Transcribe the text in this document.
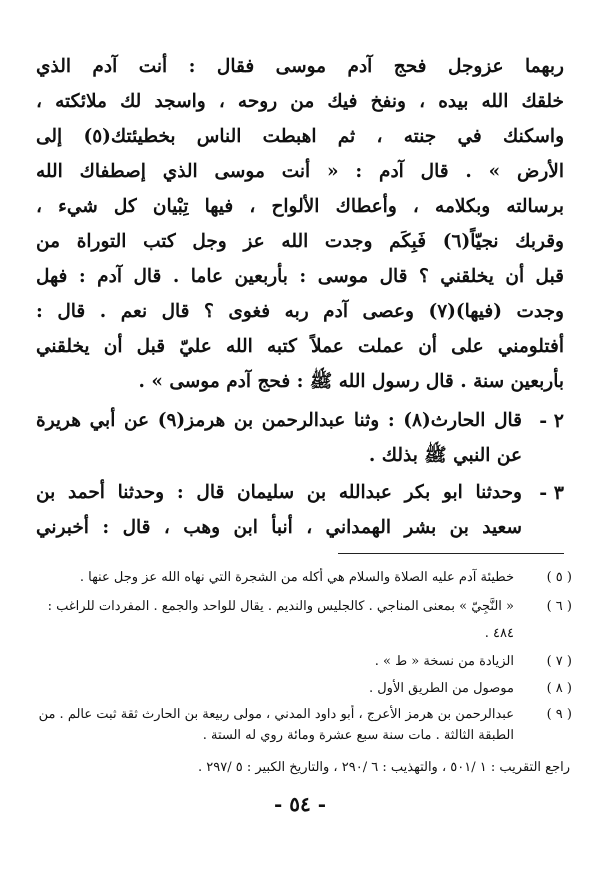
ربهما عزوجل فحج آدم موسى فقال : أنت آدم الذي
خلقك الله بيده ، ونفخ فيك من روحه ، واسجد لك ملائكته ،
واسكنك في جنته ، ثم اهبطت الناس بخطيئتك(٥) إلى
الأرض » . قال آدم : « أنت موسى الذي إصطفاك الله
برسالته وبكلامه ، وأعطاك الألواح ، فيها تِبْيان كل شيء ،
وقربك نجيّاً(٦) فَبِكَم وجدت الله عز وجل كتب التوراة من
قبل أن يخلقني ؟ قال موسى : بأربعين عاما . قال آدم : فهل
وجدت (فيها)(٧) وعصى آدم ربه فغوى ؟ قال نعم . قال :
أفتلومني على أن عملت عملاً كتبه الله عليّ قبل أن يخلقني
بأربعين سنة . قال رسول الله ﷺ : فحج آدم موسى » .
٢ -
قال الحارث(٨) : وثنا عبدالرحمن بن هرمز(٩) عن أبي هريرة
عن النبي ﷺ بذلك .
٣ -
وحدثنا ابو بكر عبدالله بن سليمان قال : وحدثنا أحمد بن
سعيد بن بشر الهمداني ، أنبأ ابن وهب ، قال : أخبرني
( ٥ )
خطيئة آدم عليه الصلاة والسلام هي أكله من الشجرة التي نهاه الله عز وجل عنها .
( ٦ )
« النَّجِيّ » بمعنى المناجي . كالجليس والنديم . يقال للواحد والجمع . المفردات للراغب :
٤٨٤ .
( ٧ )
الزيادة من نسخة « ط » .
( ٨ )
موصول من الطريق الأول .
( ٩ )
عبدالرحمن بن هرمز الأعرج ، أبو داود المدني ، مولى ربيعة بن الحارث ثقة ثبت عالم . من
الطبقة الثالثة . مات سنة سبع عشرة ومائة روي له الستة .
راجع التقريب : ١ /٥٠١ ، والتهذيب : ٦ /٢٩٠ ، والتاريخ الكبير : ٥ /٢٩٧ .
- ٥٤ -
